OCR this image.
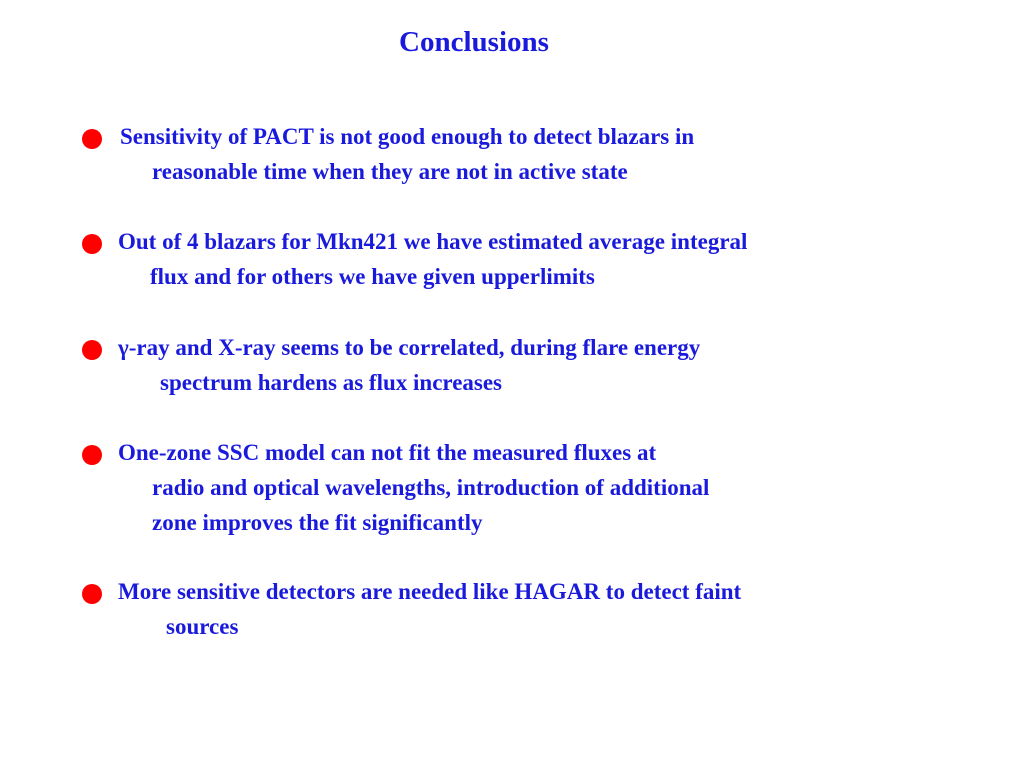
Conclusions
Sensitivity of PACT is not good enough to detect blazars in
reasonable time when they are not in active state
Out of 4 blazars for Mkn421 we have estimated average integral
flux and for others we have given upperlimits
γ-ray and X-ray seems to be correlated, during flare energy
spectrum hardens as flux increases
One-zone SSC model can not fit the measured fluxes at
radio and optical wavelengths, introduction of additional
zone improves the fit significantly
More sensitive detectors are needed like HAGAR to detect faint
sources
